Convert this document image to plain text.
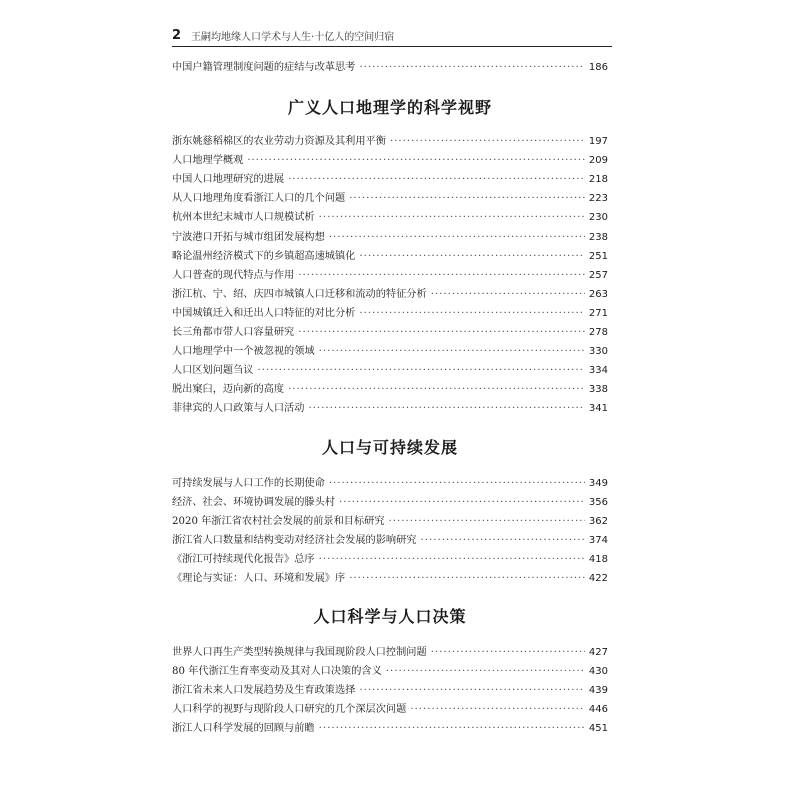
2 王嗣均地缘人口学术与人生·十亿人的空间归宿
中国户籍管理制度问题的症结与改革思考 ·····	186
广义人口地理学的科学视野
浙东姚慈稻棉区的农业劳动力资源及其利用平衡 ·····	197
人口地理学概观 ·····	209
中国人口地理研究的进展 ·····	218
从人口地理角度看浙江人口的几个问题 ·····	223
杭州本世纪末城市人口规模试析 ·····	230
宁波港口开拓与城市组团发展构想 ·····	238
略论温州经济模式下的乡镇超高速城镇化 ·····	251
人口普查的现代特点与作用 ·····	257
浙江杭、宁、绍、庆四市城镇人口迁移和流动的特征分析 ·····	263
中国城镇迁入和迁出人口特征的对比分析 ·····	271
长三角都市带人口容量研究 ·····	278
人口地理学中一个被忽视的领域 ·····	330
人口区划问题刍议 ·····	334
脱出窠臼，迈向新的高度 ·····	338
菲律宾的人口政策与人口活动 ·····	341
人口与可持续发展
可持续发展与人口工作的长期使命 ·····	349
经济、社会、环境协调发展的滕头村 ·····	356
2020 年浙江省农村社会发展的前景和目标研究 ·····	362
浙江省人口数量和结构变动对经济社会发展的影响研究 ·····	374
《浙江可持续现代化报告》总序 ·····	418
《理论与实证：人口、环境和发展》序 ·····	422
人口科学与人口决策
世界人口再生产类型转换规律与我国现阶段人口控制问题 ·····	427
80 年代浙江生育率变动及其对人口决策的含义 ·····	430
浙江省未来人口发展趋势及生育政策选择 ·····	439
人口科学的视野与现阶段人口研究的几个深层次问题 ·····	446
浙江人口科学发展的回顾与前瞻 ·····	451
